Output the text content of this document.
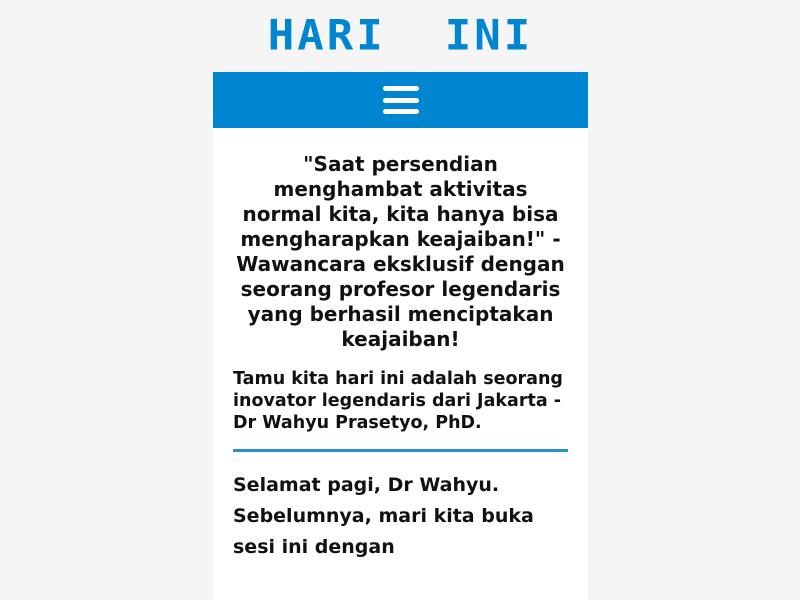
HARI  INI
"Saat persendian menghambat aktivitas normal kita, kita hanya bisa mengharapkan keajaiban!" - Wawancara eksklusif dengan seorang profesor legendaris yang berhasil menciptakan keajaiban!

Tamu kita hari ini adalah seorang inovator legendaris dari Jakarta - Dr Wahyu Prasetyo, PhD.

Selamat pagi, Dr Wahyu. Sebelumnya, mari kita buka sesi ini dengan
